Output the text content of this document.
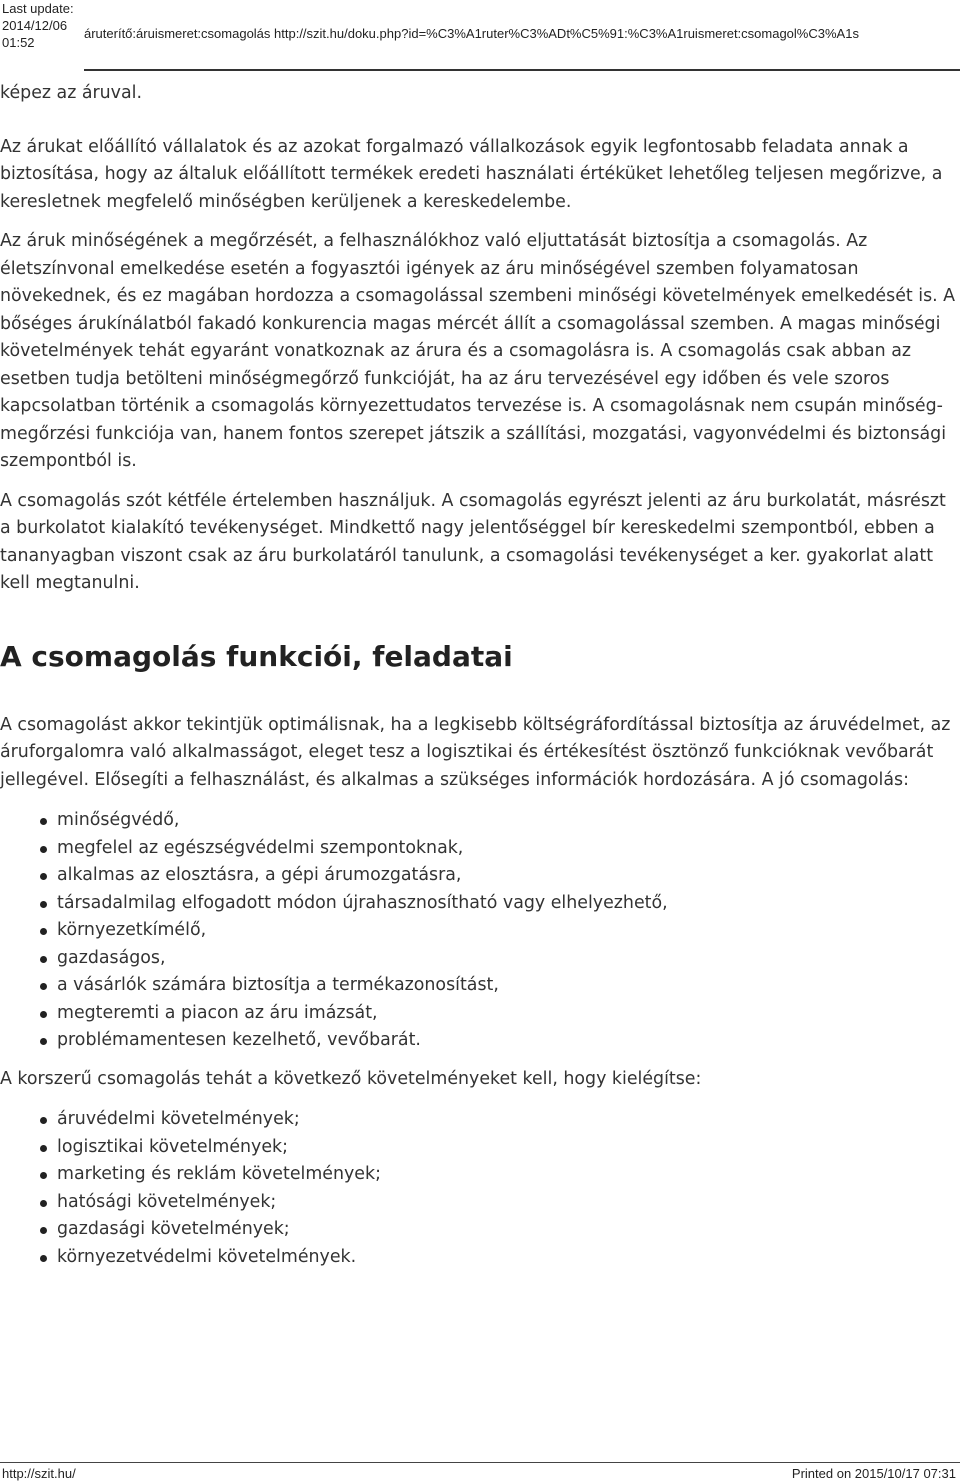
Last update:
2014/12/06 01:52
áruterítő:áruismeret:csomagolás http://szit.hu/doku.php?id=%C3%A1ruter%C3%ADt%C5%91:%C3%A1ruismeret:csomagol%C3%A1s

képez az áruval.

Az árukat előállító vállalatok és az azokat forgalmazó vállalkozások egyik legfontosabb feladata annak a biztosítása, hogy az általuk előállított termékek eredeti használati értéküket lehetőleg teljesen megőrizve, a keresletnek megfelelő minőségben kerüljenek a kereskedelembe.

Az áruk minőségének a megőrzését, a felhasználókhoz való eljuttatását biztosítja a csomagolás. Az életszínvonal emelkedése esetén a fogyasztói igények az áru minőségével szemben folyamatosan növekednek, és ez magában hordozza a csomagolással szembeni minőségi követelmények emelkedését is. A bőséges árukínálatból fakadó konkurencia magas mércét állít a csomagolással szemben. A magas minőségi követelmények tehát egyaránt vonatkoznak az árura és a csomagolásra is. A csomagolás csak abban az esetben tudja betölteni minőségmegőrző funkcióját, ha az áru tervezésével egy időben és vele szoros kapcsolatban történik a csomagolás környezettudatos tervezése is. A csomagolásnak nem csupán minőség-megőrzési funkciója van, hanem fontos szerepet játszik a szállítási, mozgatási, vagyonvédelmi és biztonsági szempontból is.

A csomagolás szót kétféle értelemben használjuk. A csomagolás egyrészt jelenti az áru burkolatát, másrészt a burkolatot kialakító tevékenységet. Mindkettő nagy jelentőséggel bír kereskedelmi szempontból, ebben a tananyagban viszont csak az áru burkolatáról tanulunk, a csomagolási tevékenységet a ker. gyakorlat alatt kell megtanulni.

A csomagolás funkciói, feladatai

A csomagolást akkor tekintjük optimálisnak, ha a legkisebb költségráfordítással biztosítja az áruvédelmet, az áruforgalomra való alkalmasságot, eleget tesz a logisztikai és értékesítést ösztönző funkcióknak vevőbarát jellegével. Elősegíti a felhasználást, és alkalmas a szükséges információk hordozására. A jó csomagolás:

minőségvédő,
megfelel az egészségvédelmi szempontoknak,
alkalmas az elosztásra, a gépi árumozgatásra,
társadalmilag elfogadott módon újrahasznosítható vagy elhelyezhető,
környezetkímélő,
gazdaságos,
a vásárlók számára biztosítja a termékazonosítást,
megteremti a piacon az áru imázsát,
problémamentesen kezelhető, vevőbarát.

A korszerű csomagolás tehát a következő követelményeket kell, hogy kielégítse:

áruvédelmi követelmények;
logisztikai követelmények;
marketing és reklám követelmények;
hatósági követelmények;
gazdasági követelmények;
környezetvédelmi követelmények.
http://szit.hu/	Printed on 2015/10/17 07:31
